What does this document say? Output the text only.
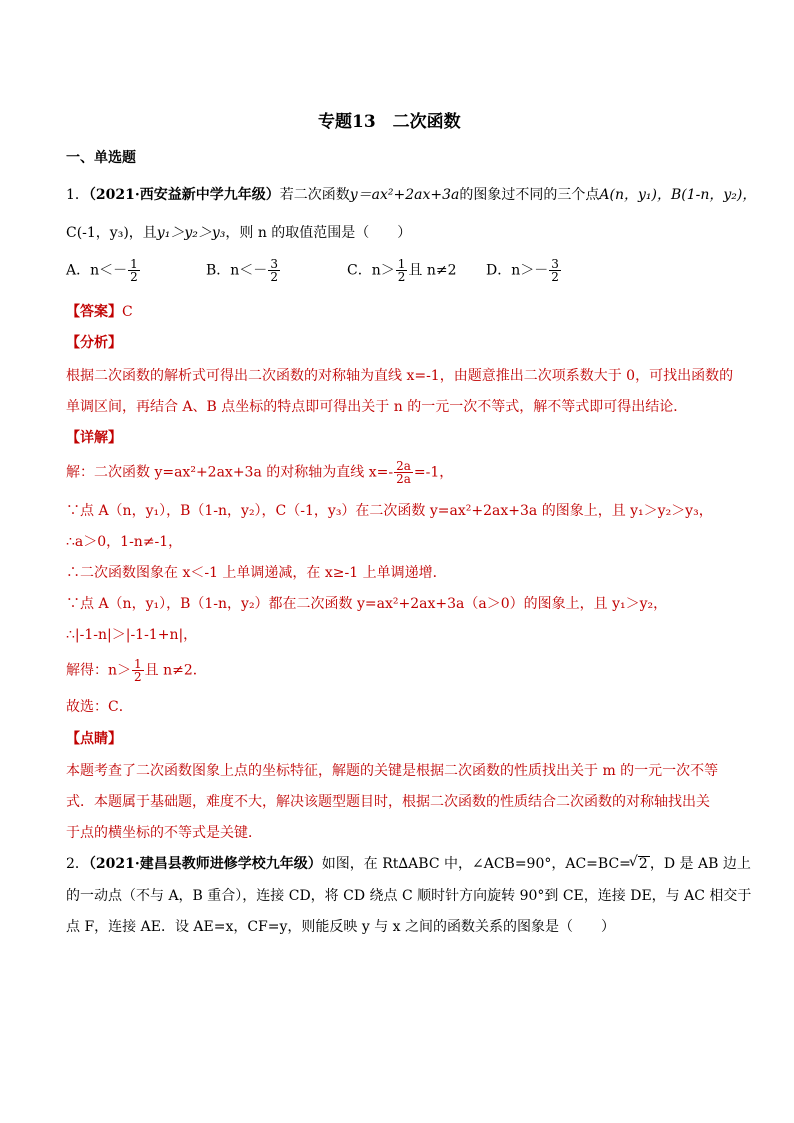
专题13　二次函数
一、单选题
1．（2021·西安益新中学九年级）若二次函数y＝ax²+2ax+3a的图象过不同的三个点A(n，y₁)，B(1-n，y₂)，
C(-1，y₃)，且y₁＞y₂＞y₃，则 n 的取值范围是（　　）
A．$n<- \frac{1}{2}$	B．$n<- \frac{3}{2}$	C．$n> \frac{1}{2}$ 且 n≠2 D．$n>- \frac{3}{2}$
【答案】C
【分析】
根据二次函数的解析式可得出二次函数的对称轴为直线 x=-1，由题意推出二次项系数大于 0，可找出函数的
单调区间，再结合 A、B 点坐标的特点即可得出关于 n 的一元一次不等式，解不等式即可得出结论．
【详解】
解：二次函数 y=ax²+2ax+3a 的对称轴为直线 $x=- \frac{2a}{2a} =-1$，
∵点 A（n，y₁），B（1-n，y₂），C（-1，y₃）在二次函数 y=ax²+2ax+3a 的图象上，且 y₁＞y₂＞y₃，
∴a＞0，1-n≠-1，
∴二次函数图象在 x＜-1 上单调递减，在 x≥-1 上单调递增．
∵点 A（n，y₁），B（1-n，y₂）都在二次函数 y=ax²+2ax+3a（a＞0）的图象上，且 y₁＞y₂，
∴|-1-n|＞|-1-1+n|，
解得：$n> \frac{1}{2}$ 且 n≠2．
故选：C．
【点睛】
本题考查了二次函数图象上点的坐标特征，解题的关键是根据二次函数的性质找出关于 m 的一元一次不等
式．本题属于基础题，难度不大，解决该题型题目时，根据二次函数的性质结合二次函数的对称轴找出关
于点的横坐标的不等式是关键．
2．（2021·建昌县教师进修学校九年级）如图，在 Rt∆ABC 中，∠ACB=90°，AC=BC=√ 2 ，D 是 AB 边上
的一动点（不与 A，B 重合），连接 CD，将 CD 绕点 C 顺时针方向旋转 90°到 CE，连接 DE，与 AC 相交于
点 F，连接 AE．设 AE=x，CF=y，则能反映 y 与 x 之间的函数关系的图象是（　　）
